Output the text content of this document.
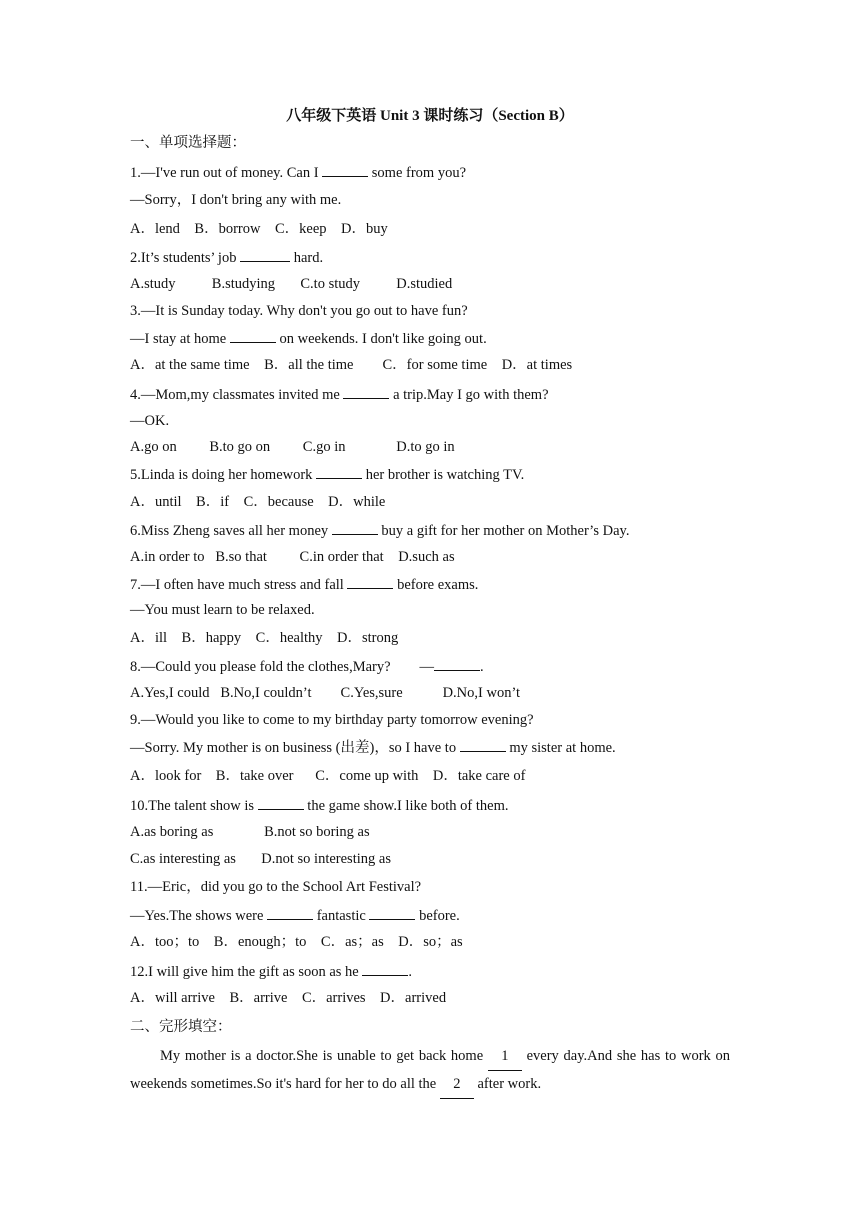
八年级下英语 Unit 3 课时练习（Section B）
一、单项选择题：
1.—I've run out of money. Can I	some from you?
—Sorry，I don't bring any with me.
A．lend    B．borrow    C．keep    D．buy
2.It’s students’ job	hard.
A.study          B.studying       C.to study          D.studied
3.—It is Sunday today. Why don't you go out to have fun?
—I stay at home	on weekends. I don't like going out.
A．at the same time    B．all the time        C．for some time    D．at times
4.—Mom,my classmates invited me	a trip.May I go with them?
—OK.
A.go on         B.to go on         C.go in              D.to go in
5.Linda is doing her homework	her brother is watching TV.
A．until    B．if    C．because    D．while
6.Miss Zheng saves all her money	buy a gift for her mother on Mother’s Day.
A.in order to   B.so that         C.in order that    D.such as
7.—I often have much stress and fall	before exams.
—You must learn to be relaxed.
A．ill    B．happy    C．healthy    D．strong
8.—Could you please fold the clothes,Mary?        —	.
A.Yes,I could   B.No,I couldn’t        C.Yes,sure           D.No,I won’t
9.—Would you like to come to my birthday party tomorrow evening?
—Sorry. My mother is on business (出差)，so I have to	my sister at home.
A．look for    B．take over      C．come up with    D．take care of
10.The talent show is	the game show.I like both of them.
A.as boring as              B.not so boring as
C.as interesting as       D.not so interesting as
11.—Eric，did you go to the School Art Festival?
—Yes.The shows were	fantastic	before.
A．too；to    B．enough；to    C．as；as    D．so；as
12.I will give him the gift as soon as he	.
A．will arrive    B．arrive    C．arrives    D．arrived
二、完形填空：
My mother is a doctor.She is unable to get back home 1 every day.And she has to work on weekends sometimes.So it's hard for her to do all the 2 after work.
